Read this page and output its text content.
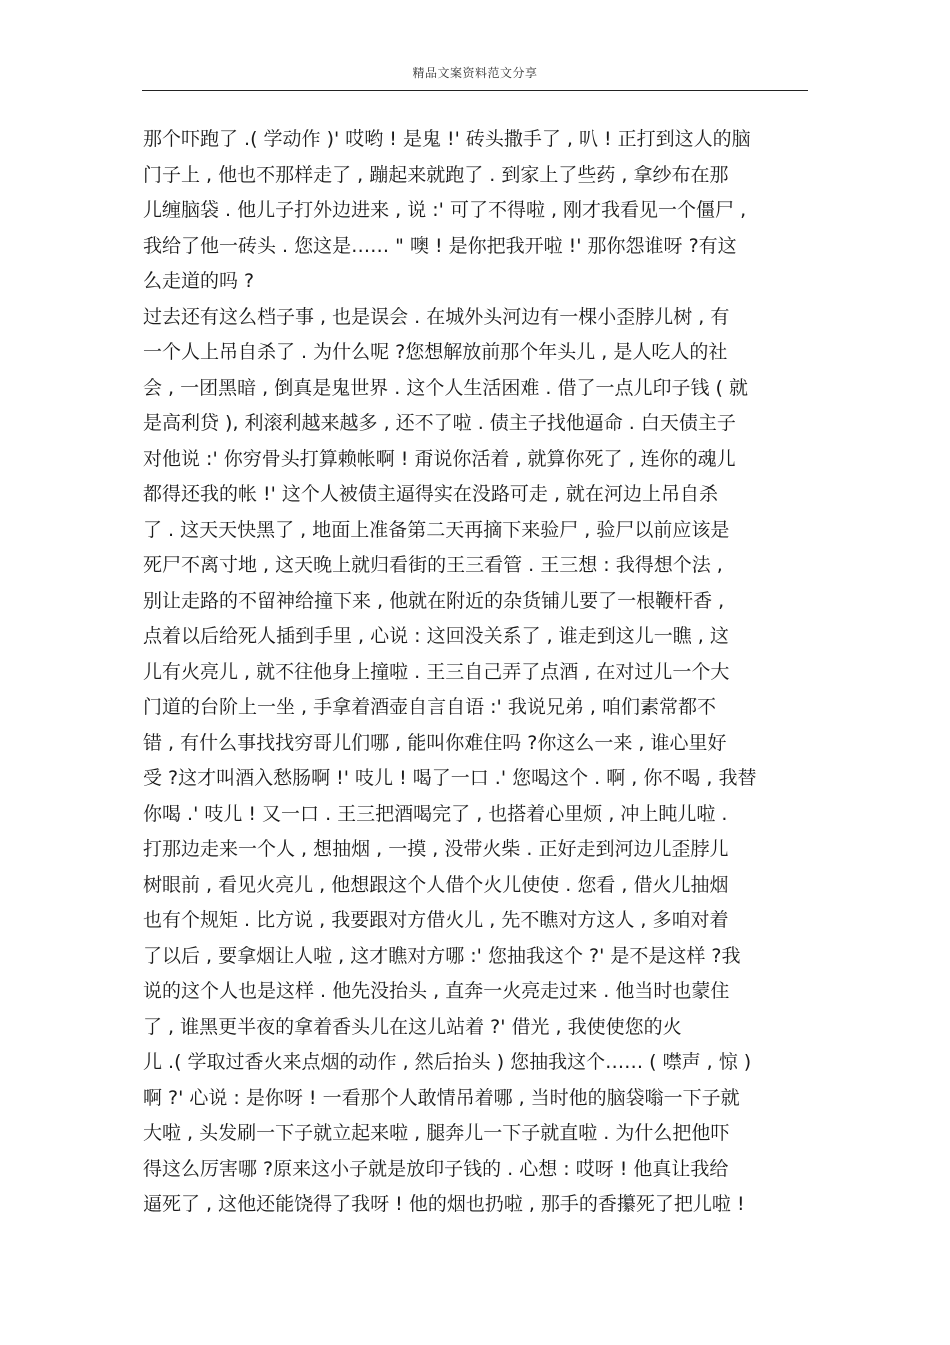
精品文案资料范文分享
那个吓跑了 .( 学动作 )' 哎哟 ! 是鬼 !' 砖头撒手了 , 叭 ! 正打到这人的脑
门子上 , 他也不那样走了 , 蹦起来就跑了 . 到家上了些药 , 拿纱布在那
儿缠脑袋 . 他儿子打外边进来 , 说 :' 可了不得啦 , 刚才我看见一个僵尸 ,
我给了他一砖头 . 您这是…… " 噢 ! 是你把我开啦 !' 那你怨谁呀 ?有这
么走道的吗 ?
过去还有这么档子事 , 也是误会 . 在城外头河边有一棵小歪脖儿树 , 有
一个人上吊自杀了 . 为什么呢 ?您想解放前那个年头儿 , 是人吃人的社
会 , 一团黑暗 , 倒真是鬼世界 . 这个人生活困难 . 借了一点儿印子钱 ( 就
是高利贷 ), 利滚利越来越多 , 还不了啦 . 债主子找他逼命 . 白天债主子
对他说 :' 你穷骨头打算赖帐啊 ! 甭说你活着 , 就算你死了 , 连你的魂儿
都得还我的帐 !' 这个人被债主逼得实在没路可走 , 就在河边上吊自杀
了 . 这天天快黑了 , 地面上准备第二天再摘下来验尸 , 验尸以前应该是
死尸不离寸地 , 这天晚上就归看街的王三看管 . 王三想 : 我得想个法 ,
别让走路的不留神给撞下来 , 他就在附近的杂货铺儿要了一根鞭杆香 ,
点着以后给死人插到手里 , 心说 : 这回没关系了 , 谁走到这儿一瞧 , 这
儿有火亮儿 , 就不往他身上撞啦 . 王三自己弄了点酒 , 在对过儿一个大
门道的台阶上一坐 , 手拿着酒壶自言自语 :' 我说兄弟 , 咱们素常都不
错 , 有什么事找找穷哥儿们哪 , 能叫你难住吗 ?你这么一来 , 谁心里好
受 ?这才叫酒入愁肠啊 !' 吱儿 ! 喝了一口 .' 您喝这个 . 啊 , 你不喝 , 我替
你喝 .' 吱儿 ! 又一口 . 王三把酒喝完了 , 也搭着心里烦 , 冲上盹儿啦 .
打那边走来一个人 , 想抽烟 , 一摸 , 没带火柴 . 正好走到河边儿歪脖儿
树眼前 , 看见火亮儿 , 他想跟这个人借个火儿使使 . 您看 , 借火儿抽烟
也有个规矩 . 比方说 , 我要跟对方借火儿 , 先不瞧对方这人 , 多咱对着
了以后 , 要拿烟让人啦 , 这才瞧对方哪 :' 您抽我这个 ?' 是不是这样 ?我
说的这个人也是这样 . 他先没抬头 , 直奔一火亮走过来 . 他当时也蒙住
了 , 谁黑更半夜的拿着香头儿在这儿站着 ?' 借光 , 我使使您的火
儿 .( 学取过香火来点烟的动作 , 然后抬头 ) 您抽我这个…… ( 噤声 , 惊 )
啊 ?' 心说 : 是你呀 ! 一看那个人敢情吊着哪 , 当时他的脑袋嗡一下子就
大啦 , 头发刷一下子就立起来啦 , 腿奔儿一下子就直啦 . 为什么把他吓
得这么厉害哪 ?原来这小子就是放印子钱的 . 心想 : 哎呀 ! 他真让我给
逼死了 , 这他还能饶得了我呀 ! 他的烟也扔啦 , 那手的香攥死了把儿啦 !
